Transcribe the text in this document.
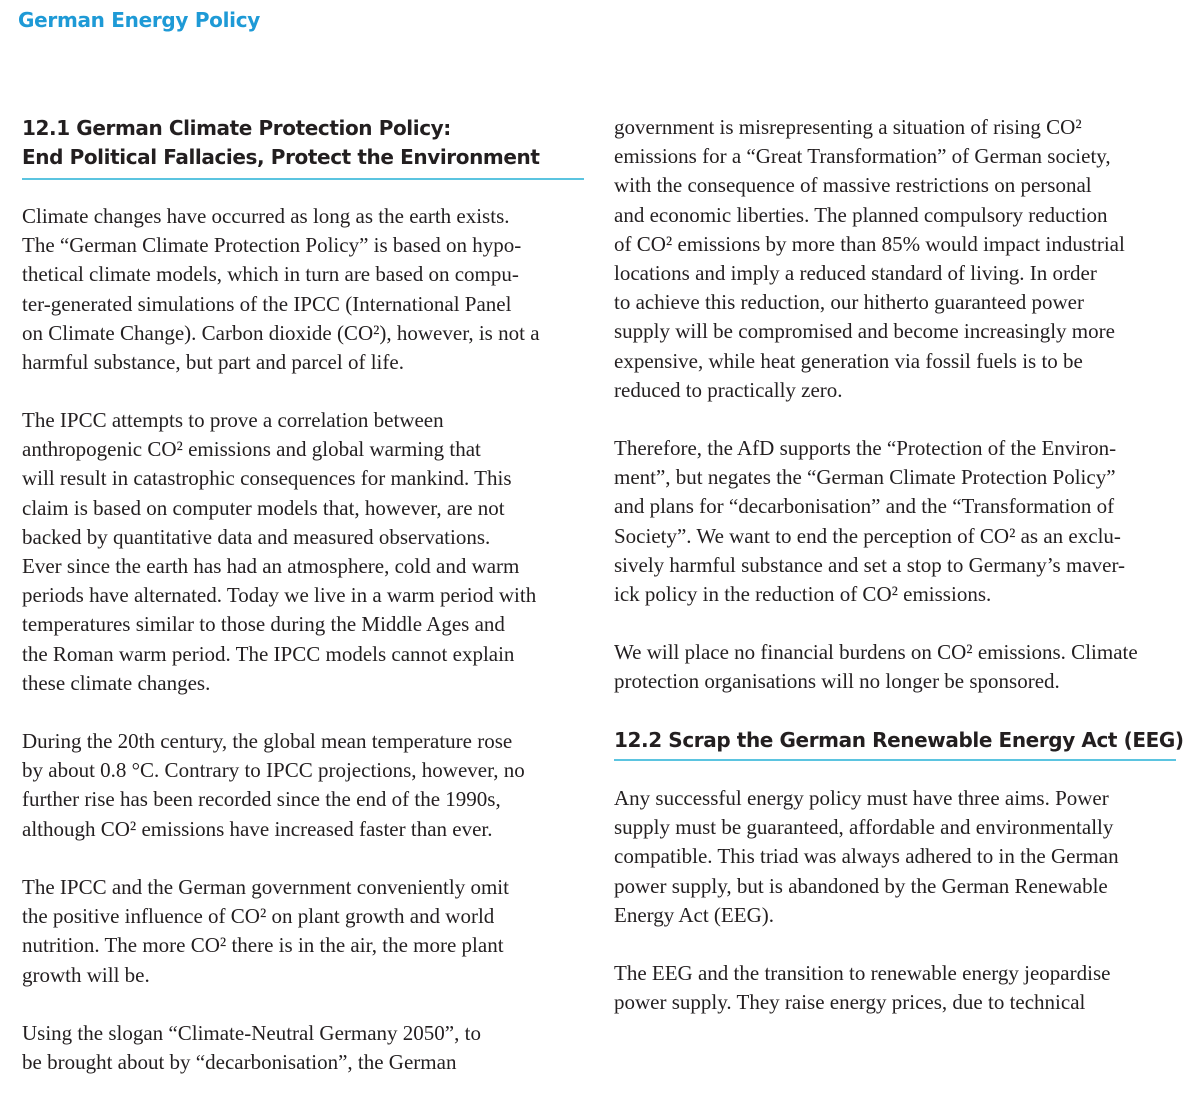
German Energy Policy
12.1 German Climate Protection Policy:
End Political Fallacies, Protect the Environment
Climate changes have occurred as long as the earth exists.
The “German Climate Protection Policy” is based on hypo-
thetical climate models, which in turn are based on compu-
ter-generated simulations of the IPCC (International Panel
on Climate Change). Carbon dioxide (CO²), however, is not a
harmful substance, but part and parcel of life.
The IPCC attempts to prove a correlation between
anthropogenic CO² emissions and global warming that
will result in catastrophic consequences for mankind. This
claim is based on computer models that, however, are not
backed by quantitative data and measured observations.
Ever since the earth has had an atmosphere, cold and warm
periods have alternated. Today we live in a warm period with
temperatures similar to those during the Middle Ages and
the Roman warm period. The IPCC models cannot explain
these climate changes.
During the 20th century, the global mean temperature rose
by about 0.8 °C. Contrary to IPCC projections, however, no
further rise has been recorded since the end of the 1990s,
although CO² emissions have increased faster than ever.
The IPCC and the German government conveniently omit
the positive influence of CO² on plant growth and world
nutrition. The more CO² there is in the air, the more plant
growth will be.
Using the slogan “Climate-Neutral Germany 2050”, to
be brought about by “decarbonisation”, the German
government is misrepresenting a situation of rising CO²
emissions for a “Great Transformation” of German society,
with the consequence of massive restrictions on personal
and economic liberties. The planned compulsory reduction
of CO² emissions by more than 85% would impact industrial
locations and imply a reduced standard of living. In order
to achieve this reduction, our hitherto guaranteed power
supply will be compromised and become increasingly more
expensive, while heat generation via fossil fuels is to be
reduced to practically zero.
Therefore, the AfD supports the “Protection of the Environ-
ment”, but negates the “German Climate Protection Policy”
and plans for “decarbonisation” and the “Transformation of
Society”. We want to end the perception of CO² as an exclu-
sively harmful substance and set a stop to Germany’s maver-
ick policy in the reduction of CO² emissions.
We will place no financial burdens on CO² emissions. Climate
protection organisations will no longer be sponsored.
12.2 Scrap the German Renewable Energy Act (EEG)
Any successful energy policy must have three aims. Power
supply must be guaranteed, affordable and environmentally
compatible. This triad was always adhered to in the German
power supply, but is abandoned by the German Renewable
Energy Act (EEG).
The EEG and the transition to renewable energy jeopardise
power supply. They raise energy prices, due to technical
